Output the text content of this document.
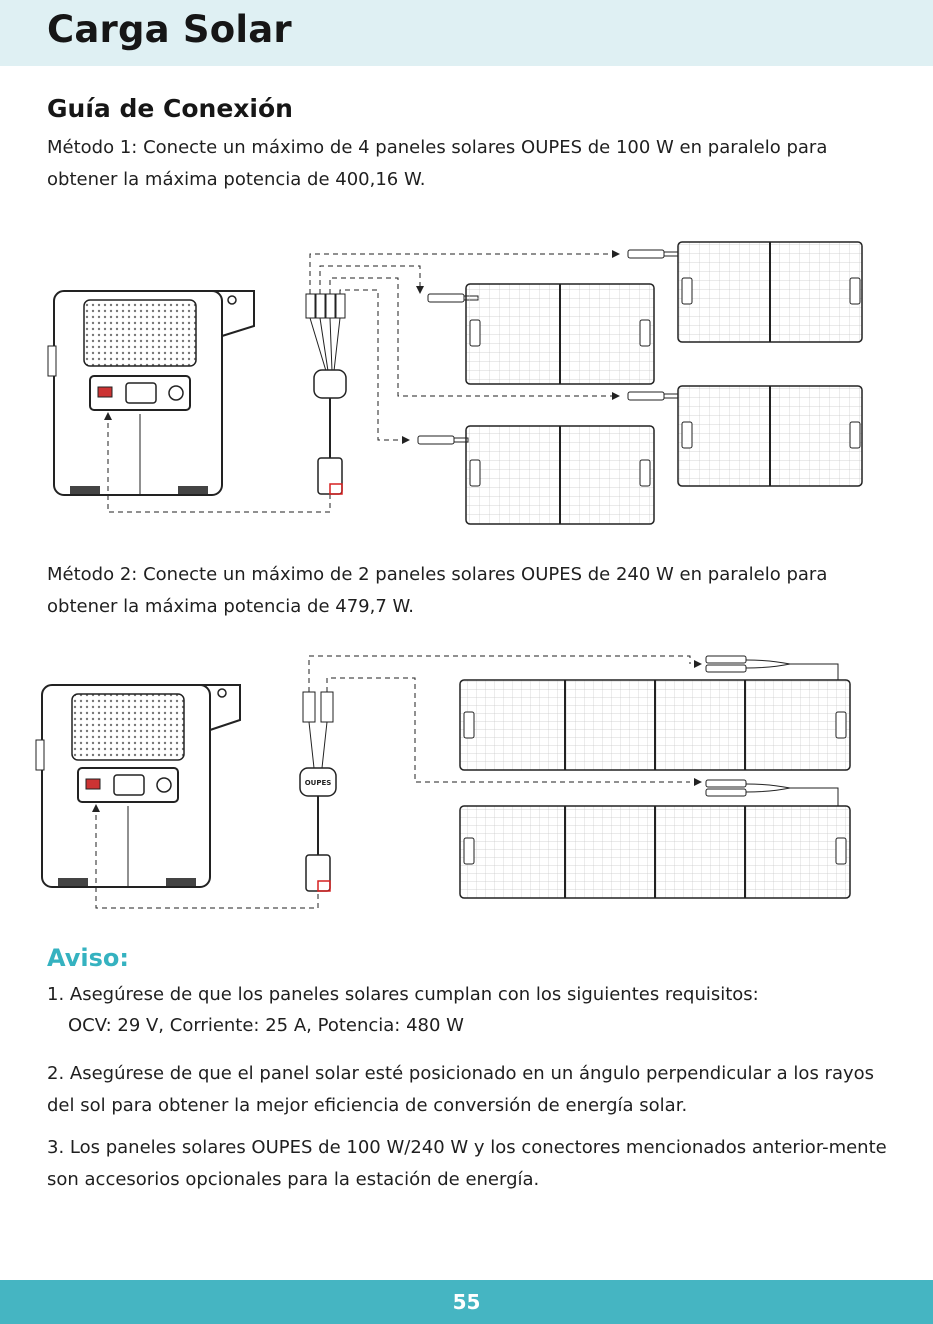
Carga Solar
Guía de Conexión

Método 1: Conecte un máximo de 4 paneles solares OUPES de 100 W en paralelo para obtener la máxima potencia de 400,16 W.

Método 2: Conecte un máximo de 2 paneles solares OUPES de 240 W en paralelo para obtener la máxima potencia de 479,7 W.

OUPES
Aviso:

1. Asegúrese de que los paneles solares cumplan con los siguientes requisitos:

OCV: 29 V, Corriente: 25 A, Potencia: 480 W

2. Asegúrese de que el panel solar esté posicionado en un ángulo perpendicular a los rayos del sol para obtener la mejor eficiencia de conversión de energía solar.

3. Los paneles solares OUPES de 100 W/240 W y los conectores mencionados anterior-mente son accesorios opcionales para la estación de energía.

55
